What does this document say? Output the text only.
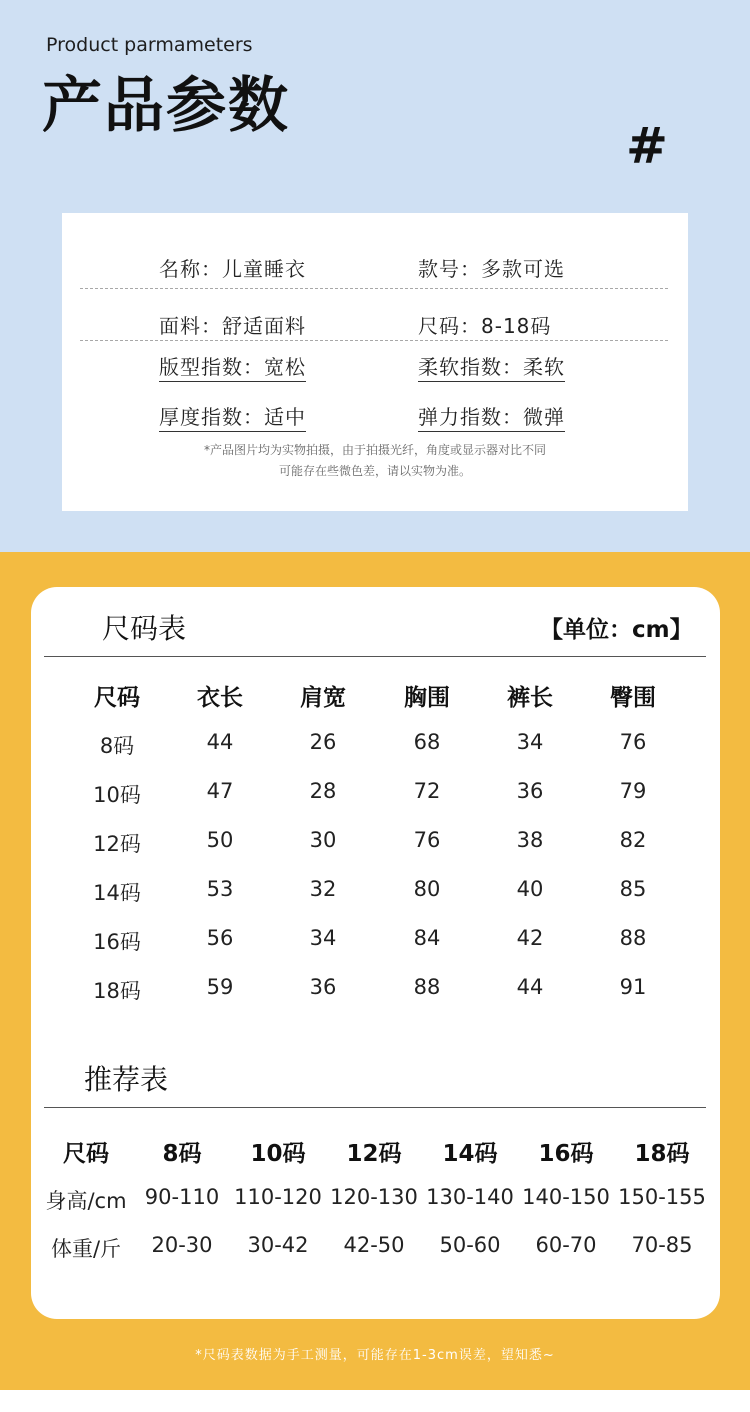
Product parmameters
产品参数
#
名称：儿童睡衣	款号：多款可选
面料：舒适面料	尺码：8-18码
版型指数：宽松	柔软指数：柔软
厚度指数：适中	弹力指数：微弹
*产品图片均为实物拍摄，由于拍摄光纤，角度或显示器对比不同
可能存在些微色差，请以实物为准。
尺码表	【单位：cm】
尺码	衣长	肩宽	胸围	裤长	臀围
8码	44	26	68	34	76
10码	47	28	72	36	79
12码	50	30	76	38	82
14码	53	32	80	40	85
16码	56	34	84	42	88
18码	59	36	88	44	91
推荐表
尺码	8码	10码	12码	14码	16码	18码
身高/cm 90-110 110-120 120-130 130-140 140-150 150-155
体重/斤	20-30	30-42	42-50	50-60	60-70	70-85
*尺码表数据为手工测量，可能存在1-3cm误差，望知悉~
